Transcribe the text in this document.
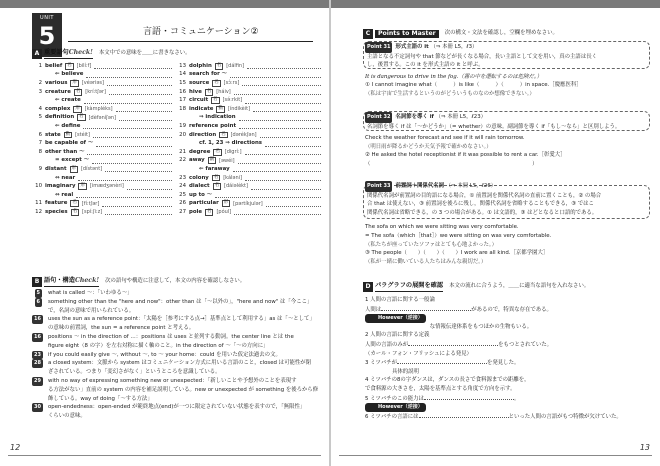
UNIT
5	言語・コミュニケーション②
A 重要語句Check! 本文中での意味を＿＿に書きなさい。
1 belief	名	[bilí:f]
⇐ believe
2 various	形	[véəriəs]
3 creature	名	[krí:tʃər]
⇐ create
4 complex	形	[kàmpléks]
5 definition	名	[dèfəníʃən]
⇐ define
6 state	動	[stéit]
7 be capable of ～
8 other than ～
= except ～
9 distant	形	[dístənt]
⇔ near
10 imaginary	形	[imædʒənèri]
⇔ real
11 feature	名	[fí:tʃər]
12 species	名	[spí:ʃi:z]
13 dolphin	名	[dálfin]
14 search for ～
15 source	名	[sɔ́:rs]
16 hive	名	[háiv]
17 circuit	名	[sə́:rkit]
18 indicate	動	[índikèit]
⇒ indication
19 reference point
20 direction	名	[dərékʃən]
cf. 1, 23 ⇒ directions
21 degree	名	[digrí:]
22 away	副	[əwéi]
⇐ faraway
23 colony	名	[káləni]
24 dialect	名	[dáiəlèkt]
25 up to ～
26 particular	形	[pərtíkjulər]
27 pole	名	[póul]
B 語句・構造Check! 次の語句や構造に注意して，本文の内容を確認しなさい。
5	what is called ～：「いわゆる～」
6	something other than the "here and now"：other than は「～以外の」，"here and now" は「今ここ」
で，名詞の意味で用いられている。
16	uses the sun as a reference point：「太陽を［参考にする点→］基準点として利用する」as は「～として」
の意味の前置詞，the sun = a reference point と考える。
16	positions ～ in the direction of …：positions は uses と並列する動詞。the center line とは the
figure eight（8 の字）を左右対称に描く軸のこと。in the direction of ～「～の方向に」
23	if you could easily give ～, without ～, to ～ your home：could を用いた仮定法過去の文。
28	a closed system：文脈から system はコミュニケーション方式に用いる言語のこと，closed は可能性が閉
ざされている。つまり「変幻さがなく」というところを意識している。
29	with no way of expressing something new or unexpected：「新しいことや予想外のことを表現す
る方法がない」直前の system の内容を補足説明している。new or unexpected が something を後ろから修
飾している。way of doing「～する方法」
30	open-endedness：open-ended が範終地点(end)が一つに限定されていない状態を表すので，「無限性」
くらいの意味。
12
C	Points to Master	次の構文・文法を確認し，空欄を埋めなさい。
Point 31 形式主語の it （⇒ 本冊 L5，ℓ3）
主語となる不定詞句や that 節などが長くなる場合，長い主語として文を用い，真の主語は長く
し，後置する。この it を形式主語の it と呼ぶ。
It is dangerous to drive in the fog.（霧の中を運転するのは危険だ。）
① I cannot imagine what（　　　）is like（　　　）（　　　）in space.［慶應医科］
（私は宇宙で生活するというのがどういうものなのか想像できない。）
Point 32 名詞節を導く if （⇒ 本冊 L5，ℓ23）
名詞節を導く if は「～かどうか」（= whether）の意味。副詞節を導く if「もし～なら」と区別しよう。
Check the weather forecast and see if it will rain tomorrow.
（明日雨が降るかどうか天気予報で確かめなさい。）
② He asked the hotel receptionist if it was possible to rent a car.［彰愛大］
（　　　　　　　　　　　　　　　　　　　　　　　　　　　　　　）
Point 33 前置詞＋関係代名詞 （⇒ 本冊 L5，ℓ26）
関係代名詞が前置詞の目的語になる場合，① 前置詞を関係代名詞の直前に置くことも，② の場合
合 that は使えない，③ 前置詞を後ろに残し，関係代名詞を省略することもできる，③ ではこ
関係代名詞は省略できる，の 3 つの場合がある。① は文語的，③ はどとなると口語的である。
The sofa on which we were sitting was very comfortable.
= The sofa（which［that］）we were sitting on was very comfortable.
（私たちが座っていたソファはとても心地よかった。）
③ The people（　　）（　　）（　　）I work are all kind.［京都学園大］
（私が一緒に働いている人たちはみんな親切だ。）
D パラグラフの展開を確認 本文の流れに合うよう，＿＿に適当な語句を入れなさい。
1 人間の言語に関する一般論
人間は	があるので，特異な存在である。
　　However（逆接）
　　　　　　　　　　　　な情報伝達体系をもつほかの生物もいる。
2 人間の言語に関する定義
人間の言語のみが	をもつとされていた。
（カール・フォン・フリッシュによる発見）
3 ミツバチが	を発見した。
　　　　　具体的説明
4 ミツバチの8の字ダンスは，ダンスの長さで食料源までの距離を，
で食料源の大きさを，太陽を基準点とする角度で方向を示す。
5 ミツバチのこの能力は	。
　　However（逆接）
6 ミツバチの言語には	といった人間の言語がもつ特徴が欠けていた。
13
